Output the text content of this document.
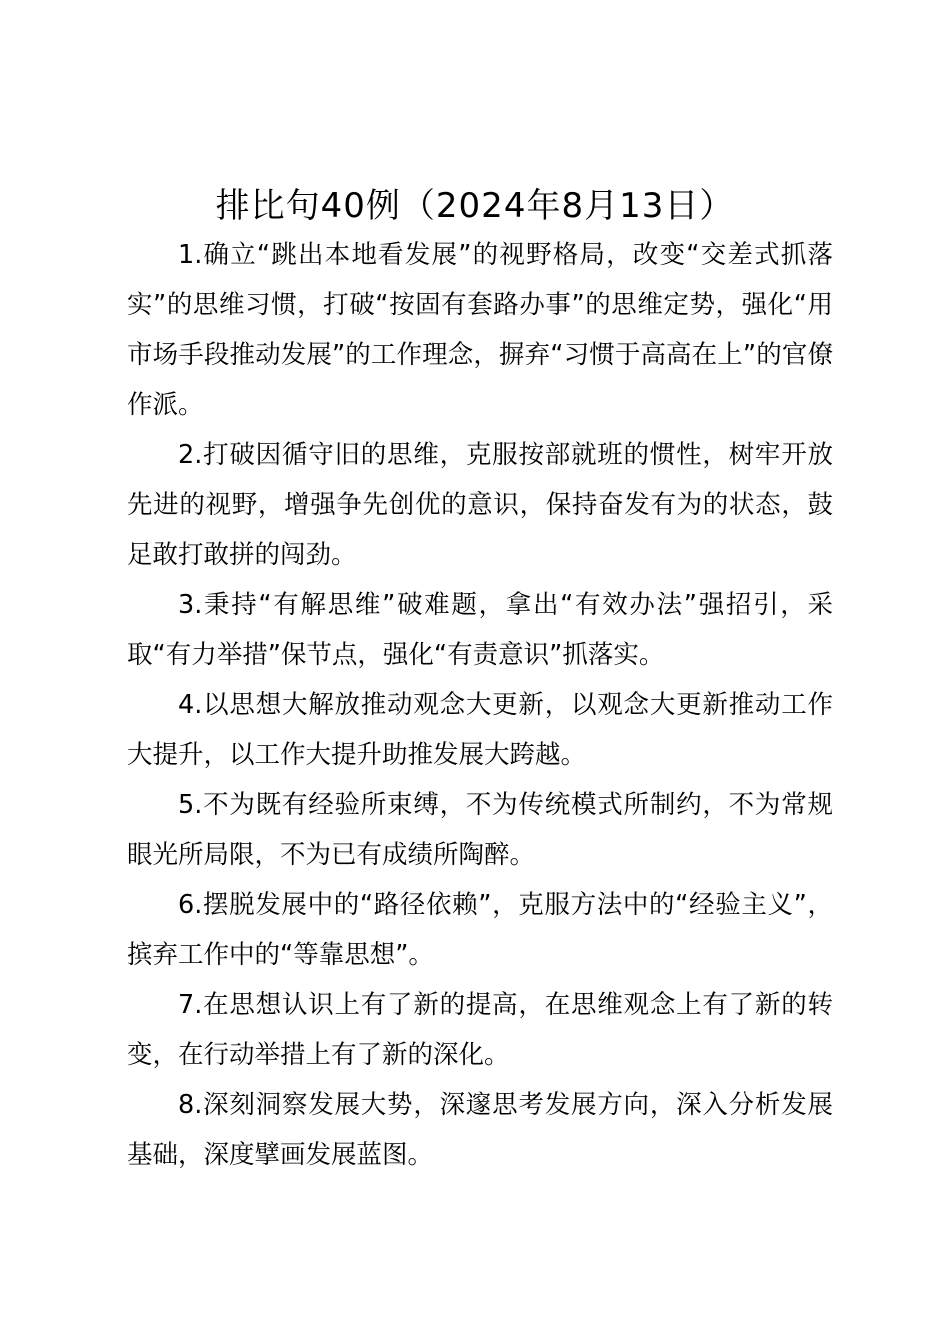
排比句40例（2024年8月13日）

1.确立“跳出本地看发展”的视野格局，改变“交差式抓落实”的思维习惯，打破“按固有套路办事”的思维定势，强化“用市场手段推动发展”的工作理念，摒弃“习惯于高高在上”的官僚作派。

2.打破因循守旧的思维，克服按部就班的惯性，树牢开放先进的视野，增强争先创优的意识，保持奋发有为的状态，鼓足敢打敢拼的闯劲。

3.秉持“有解思维”破难题，拿出“有效办法”强招引，采取“有力举措”保节点，强化“有责意识”抓落实。

4.以思想大解放推动观念大更新，以观念大更新推动工作大提升，以工作大提升助推发展大跨越。

5.不为既有经验所束缚，不为传统模式所制约，不为常规眼光所局限，不为已有成绩所陶醉。

6.摆脱发展中的“路径依赖”，克服方法中的“经验主义”，摈弃工作中的“等靠思想”。

7.在思想认识上有了新的提高，在思维观念上有了新的转变，在行动举措上有了新的深化。

8.深刻洞察发展大势，深邃思考发展方向，深入分析发展基础，深度擘画发展蓝图。
